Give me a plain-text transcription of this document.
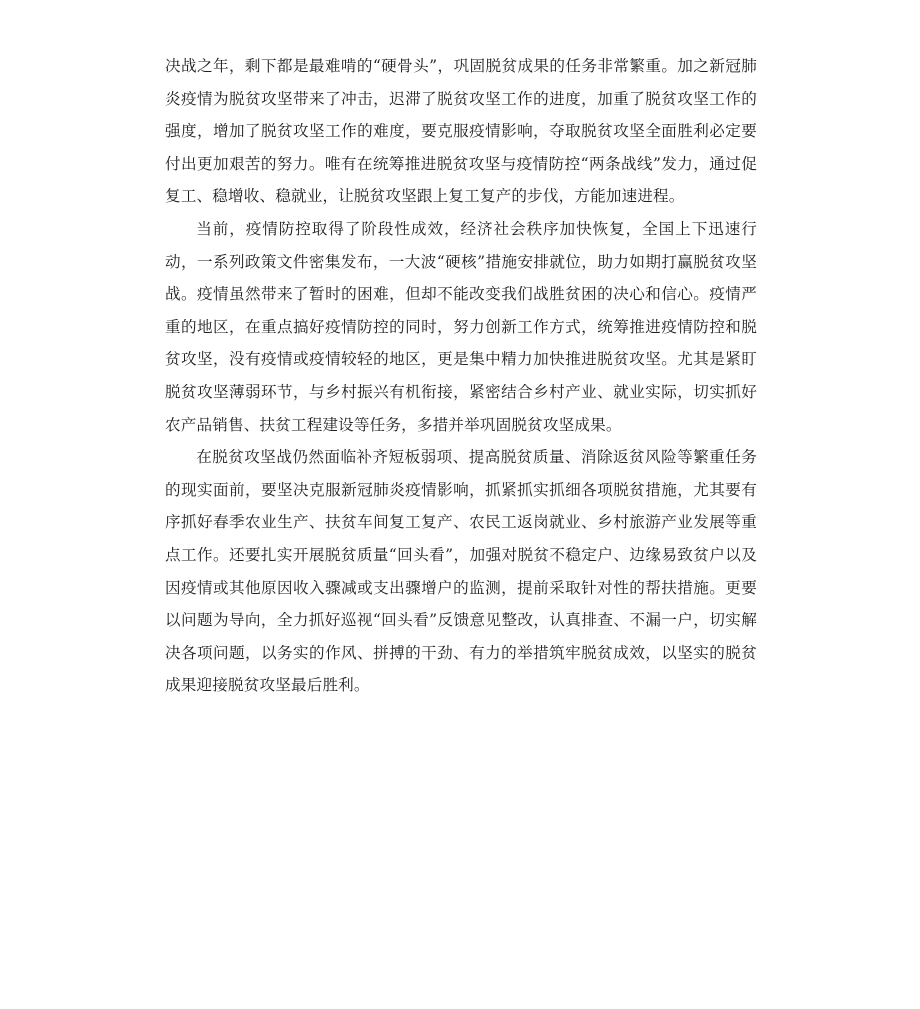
决战之年，剩下都是最难啃的“硬骨头”，巩固脱贫成果的任务非常繁重。加之新冠肺炎疫情为脱贫攻坚带来了冲击，迟滞了脱贫攻坚工作的进度，加重了脱贫攻坚工作的强度，增加了脱贫攻坚工作的难度，要克服疫情影响，夺取脱贫攻坚全面胜利必定要付出更加艰苦的努力。唯有在统筹推进脱贫攻坚与疫情防控“两条战线”发力，通过促复工、稳增收、稳就业，让脱贫攻坚跟上复工复产的步伐，方能加速进程。

当前，疫情防控取得了阶段性成效，经济社会秩序加快恢复，全国上下迅速行动，一系列政策文件密集发布，一大波“硬核”措施安排就位，助力如期打赢脱贫攻坚战。疫情虽然带来了暂时的困难，但却不能改变我们战胜贫困的决心和信心。疫情严重的地区，在重点搞好疫情防控的同时，努力创新工作方式，统筹推进疫情防控和脱贫攻坚，没有疫情或疫情较轻的地区，更是集中精力加快推进脱贫攻坚。尤其是紧盯脱贫攻坚薄弱环节，与乡村振兴有机衔接，紧密结合乡村产业、就业实际，切实抓好农产品销售、扶贫工程建设等任务，多措并举巩固脱贫攻坚成果。

在脱贫攻坚战仍然面临补齐短板弱项、提高脱贫质量、消除返贫风险等繁重任务的现实面前，要坚决克服新冠肺炎疫情影响，抓紧抓实抓细各项脱贫措施，尤其要有序抓好春季农业生产、扶贫车间复工复产、农民工返岗就业、乡村旅游产业发展等重点工作。还要扎实开展脱贫质量“回头看”，加强对脱贫不稳定户、边缘易致贫户以及因疫情或其他原因收入骤减或支出骤增户的监测，提前采取针对性的帮扶措施。更要以问题为导向，全力抓好巡视“回头看”反馈意见整改，认真排查、不漏一户，切实解决各项问题，以务实的作风、拼搏的干劲、有力的举措筑牢脱贫成效，以坚实的脱贫成果迎接脱贫攻坚最后胜利。
